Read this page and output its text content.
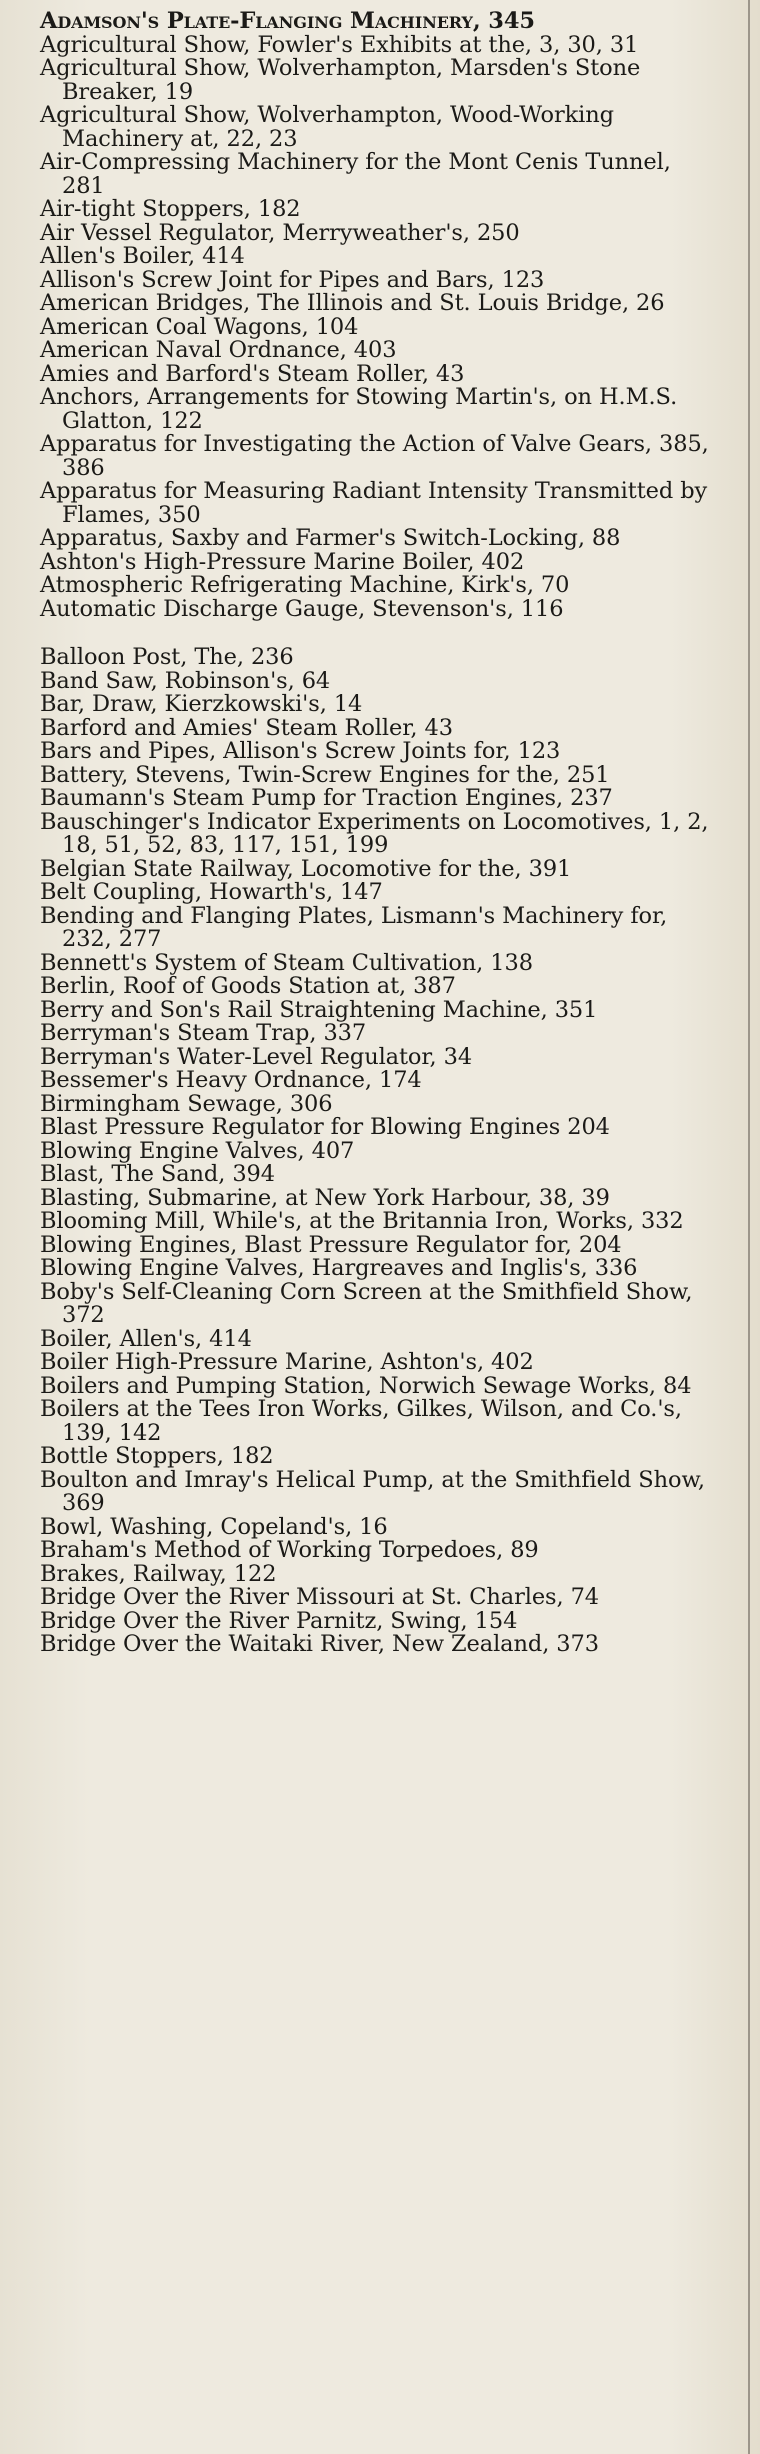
Adamson's Plate-Flanging Machinery, 345

Agricultural Show, Fowler's Exhibits at the, 3, 30, 31

Agricultural Show, Wolverhampton, Marsden's Stone Breaker, 19

Agricultural Show, Wolverhampton, Wood-Working Machinery at, 22, 23

Air-Compressing Machinery for the Mont Cenis Tunnel, 281

Air-tight Stoppers, 182

Air Vessel Regulator, Merryweather's, 250

Allen's Boiler, 414

Allison's Screw Joint for Pipes and Bars, 123

American Bridges, The Illinois and St. Louis Bridge, 26

American Coal Wagons, 104

American Naval Ordnance, 403

Amies and Barford's Steam Roller, 43

Anchors, Arrangements for Stowing Martin's, on H.M.S. Glatton, 122

Apparatus for Investigating the Action of Valve Gears, 385, 386

Apparatus for Measuring Radiant Intensity Transmitted by Flames, 350

Apparatus, Saxby and Farmer's Switch-Locking, 88

Ashton's High-Pressure Marine Boiler, 402

Atmospheric Refrigerating Machine, Kirk's, 70

Automatic Discharge Gauge, Stevenson's, 116

Balloon Post, The, 236

Band Saw, Robinson's, 64

Bar, Draw, Kierzkowski's, 14

Barford and Amies' Steam Roller, 43

Bars and Pipes, Allison's Screw Joints for, 123

Battery, Stevens, Twin-Screw Engines for the, 251

Baumann's Steam Pump for Traction Engines, 237

Bauschinger's Indicator Experiments on Locomotives, 1, 2, 18, 51, 52, 83, 117, 151, 199

Belgian State Railway, Locomotive for the, 391

Belt Coupling, Howarth's, 147

Bending and Flanging Plates, Lismann's Machinery for, 232, 277

Bennett's System of Steam Cultivation, 138

Berlin, Roof of Goods Station at, 387

Berry and Son's Rail Straightening Machine, 351

Berryman's Steam Trap, 337

Berryman's Water-Level Regulator, 34

Bessemer's Heavy Ordnance, 174

Birmingham Sewage, 306

Blast Pressure Regulator for Blowing Engines 204

Blowing Engine Valves, 407

Blast, The Sand, 394

Blasting, Submarine, at New York Harbour, 38, 39

Blooming Mill, While's, at the Britannia Iron, Works, 332

Blowing Engines, Blast Pressure Regulator for, 204

Blowing Engine Valves, Hargreaves and Inglis's, 336

Boby's Self-Cleaning Corn Screen at the Smithfield Show, 372

Boiler, Allen's, 414

Boiler High-Pressure Marine, Ashton's, 402

Boilers and Pumping Station, Norwich Sewage Works, 84

Boilers at the Tees Iron Works, Gilkes, Wilson, and Co.'s, 139, 142

Bottle Stoppers, 182

Boulton and Imray's Helical Pump, at the Smithfield Show, 369

Bowl, Washing, Copeland's, 16

Braham's Method of Working Torpedoes, 89

Brakes, Railway, 122

Bridge Over the River Missouri at St. Charles, 74

Bridge Over the River Parnitz, Swing, 154

Bridge Over the Waitaki River, New Zealand, 373
